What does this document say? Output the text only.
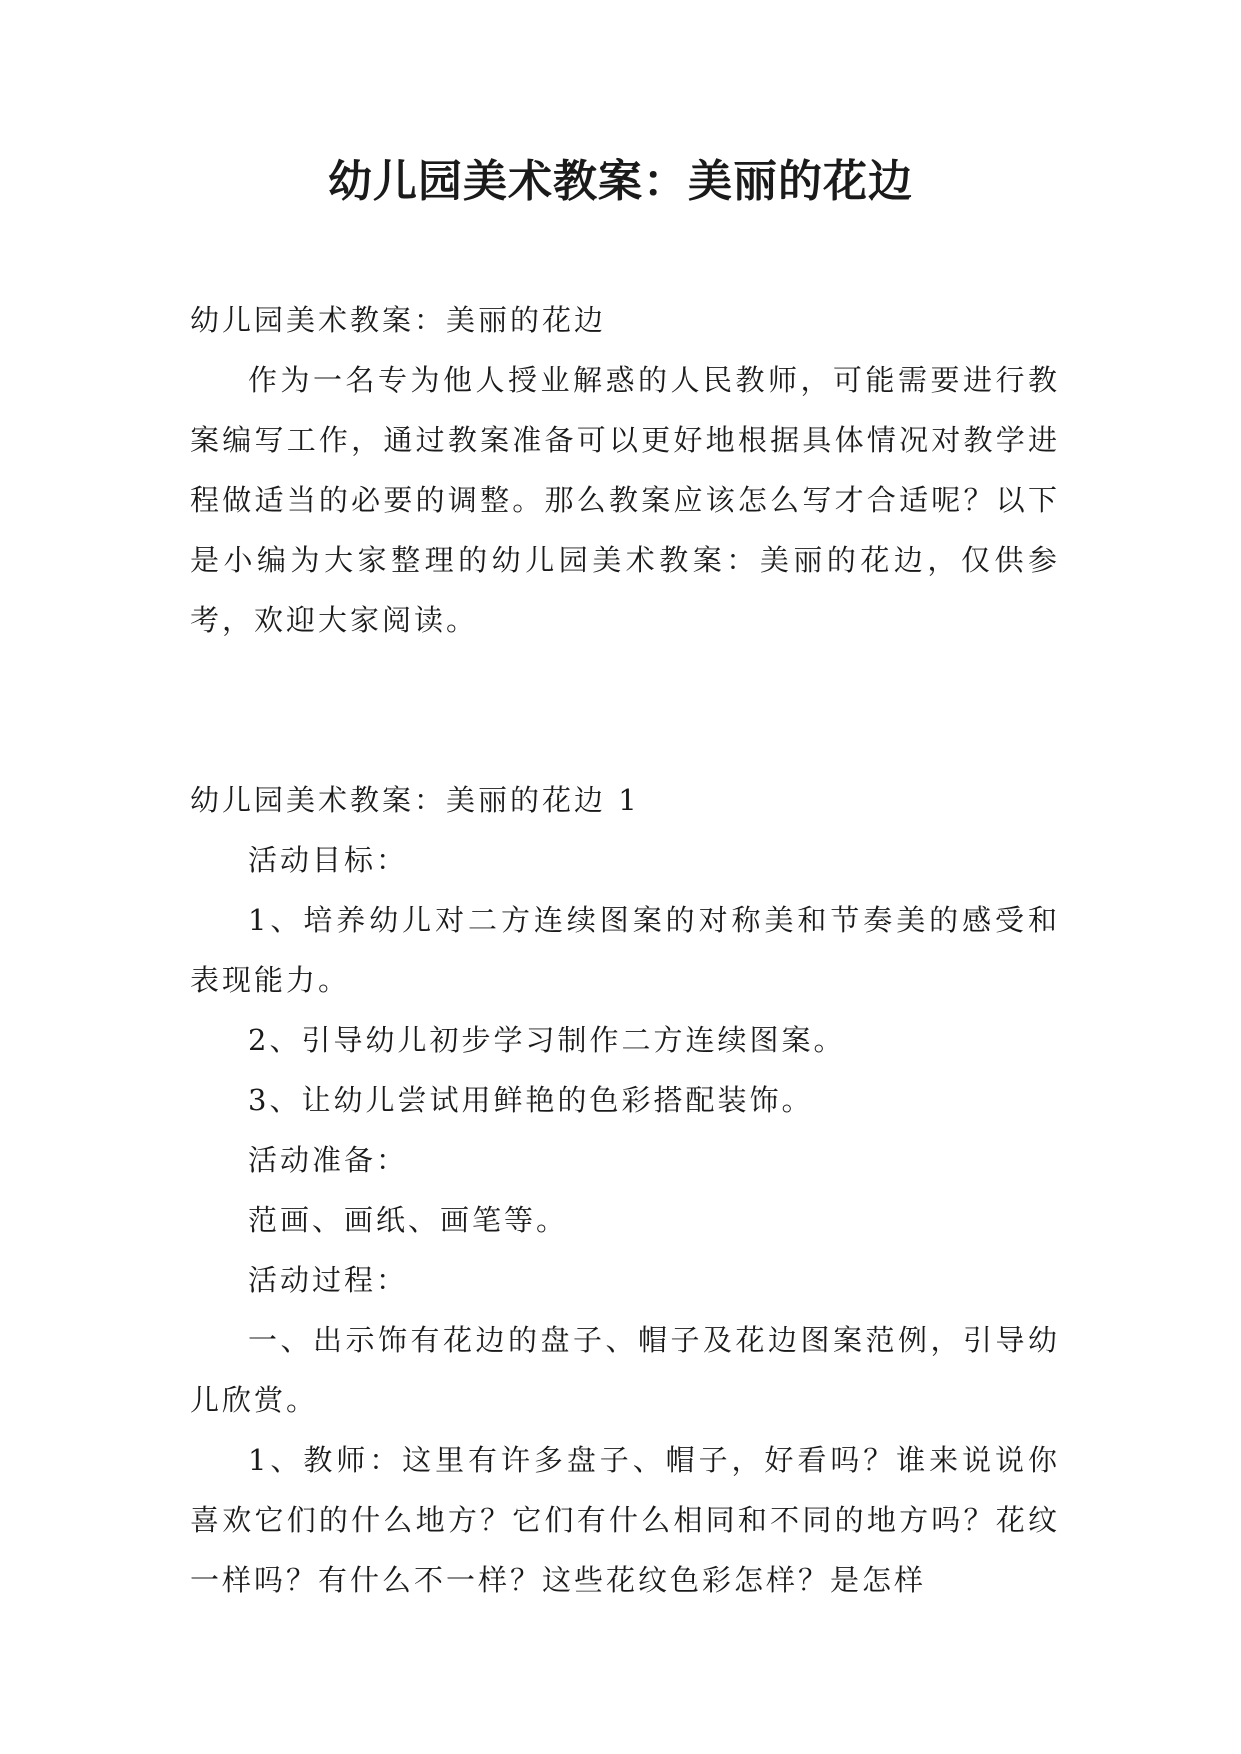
幼儿园美术教案：美丽的花边

幼儿园美术教案：美丽的花边

作为一名专为他人授业解惑的人民教师，可能需要进行教案编写工作，通过教案准备可以更好地根据具体情况对教学进程做适当的必要的调整。那么教案应该怎么写才合适呢？以下是小编为大家整理的幼儿园美术教案：美丽的花边，仅供参考，欢迎大家阅读。

幼儿园美术教案：美丽的花边 1

活动目标：

1、培养幼儿对二方连续图案的对称美和节奏美的感受和表现能力。

2、引导幼儿初步学习制作二方连续图案。

3、让幼儿尝试用鲜艳的色彩搭配装饰。

活动准备：

范画、画纸、画笔等。

活动过程：

一、出示饰有花边的盘子、帽子及花边图案范例，引导幼儿欣赏。

1、教师：这里有许多盘子、帽子，好看吗？谁来说说你喜欢它们的什么地方？它们有什么相同和不同的地方吗？花纹一样吗？有什么不一样？这些花纹色彩怎样？是怎样
